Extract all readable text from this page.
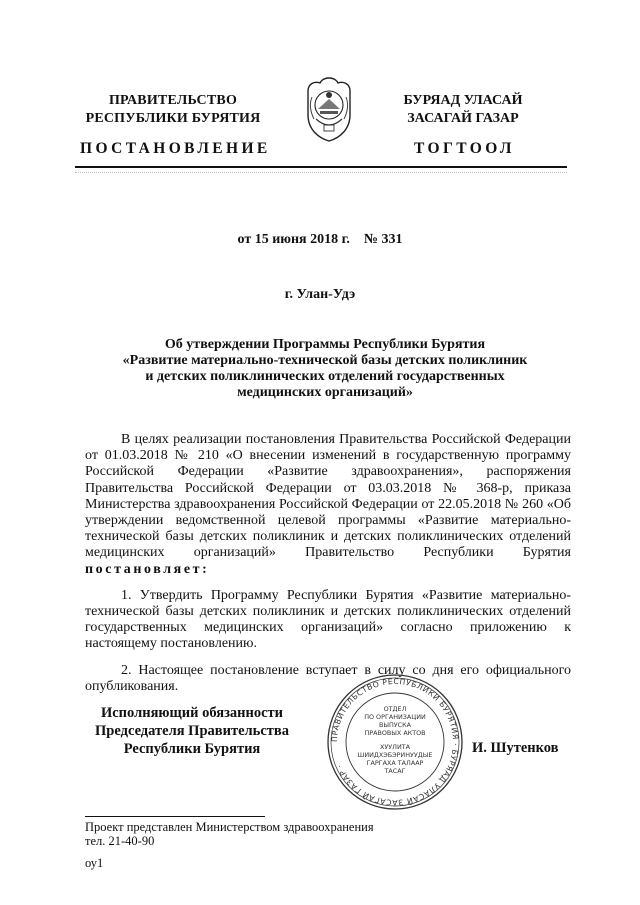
ПРАВИТЕЛЬСТВО
РЕСПУБЛИКИ БУРЯТИЯ
БУРЯАД УЛАСАЙ
ЗАСАГАЙ ГАЗАР
ПОСТАНОВЛЕНИЕ	ТОГТООЛ
от 15 июня 2018 г.    № 331
г. Улан-Удэ
Об утверждении Программы Республики Бурятия
«Развитие материально-технической базы детских поликлиник
и детских поликлинических отделений государственных
медицинских организаций»

В целях реализации постановления Правительства Российской Федерации от 01.03.2018 № 210 «О внесении изменений в государственную программу Российской Федерации «Развитие здравоохранения», распоряжения Правительства Российской Федерации от 03.03.2018 № 368-р, приказа Министерства здравоохранения Российской Федерации от 22.05.2018 № 260 «Об утверждении ведомственной целевой программы «Развитие материально-технической базы детских поликлиник и детских поликлинических отделений медицинских организаций» Правительство Республики Бурятия постановляет:

1. Утвердить Программу Республики Бурятия «Развитие материально-технической базы детских поликлиник и детских поликлинических отделений государственных медицинских организаций» согласно приложению к настоящему постановлению.

2. Настоящее постановление вступает в силу со дня его официального опубликования.

Исполняющий обязанности
Председателя Правительства
Республики Бурятия
ПРАВИТЕЛЬСТВО РЕСПУБЛИКИ БУРЯТИЯ · БУРЯАД УЛАСАЙ ЗАСАГАЙ ГАЗАР ·
ОТДЕЛ
ПО ОРГАНИЗАЦИИ
ВЫПУСКА
ПРАВОВЫХ АКТОВ
ХУУЛИТА
ШИИДХЭБЭРИНУУДЫЕ
ГАРГАХА ТАЛААР
ТАСАГ
И. Шутенков
Проект представлен Министерством здравоохранения
тел. 21-40-90
оу1
